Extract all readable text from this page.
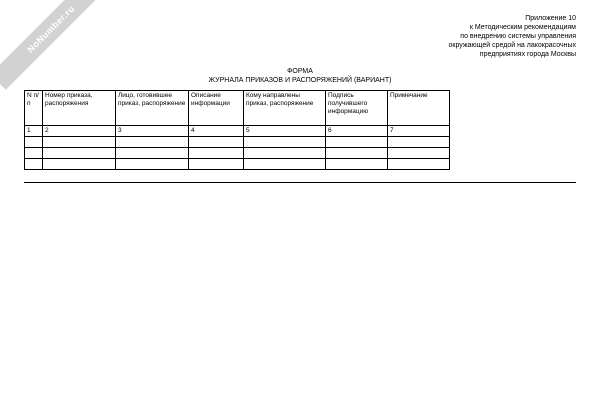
NoNumber.ru	Приложение 10
к Методическим рекомендациям
по внедрению системы управления
окружающей средой на лакокрасочных
предприятиях города Москвы
ФОРМА
ЖУРНАЛА ПРИКАЗОВ И РАСПОРЯЖЕНИЙ (ВАРИАНТ)
N п/п	Номер приказа, распоряжения	Лицо, готовившее приказ, распоряжение	Описание информации	Кому направлены приказ, распоряжение	Подпись получившего информацию	Примечание
1	2	3	4	5	6	7
